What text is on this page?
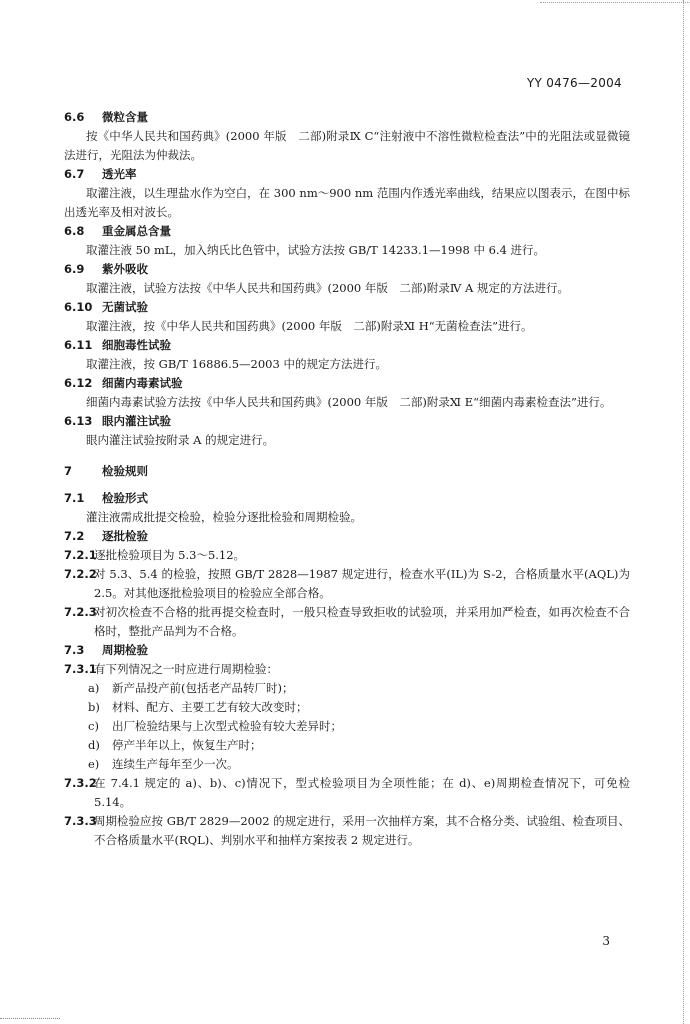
YY 0476—2004
6.6 微粒含量
按《中华人民共和国药典》(2000 年版　二部)附录Ⅸ C“注射液中不溶性微粒检查法”中的光阻法或显微镜法进行，光阻法为仲裁法。
6.7 透光率
取灌注液，以生理盐水作为空白，在 300 nm～900 nm 范围内作透光率曲线，结果应以图表示，在图中标出透光率及相对波长。
6.8 重金属总含量
取灌注液 50 mL，加入纳氏比色管中，试验方法按 GB/T 14233.1—1998 中 6.4 进行。
6.9 紫外吸收
取灌注液，试验方法按《中华人民共和国药典》(2000 年版　二部)附录Ⅳ A 规定的方法进行。
6.10 无菌试验
取灌注液，按《中华人民共和国药典》(2000 年版　二部)附录Ⅺ H“无菌检查法”进行。
6.11 细胞毒性试验
取灌注液，按 GB/T 16886.5—2003 中的规定方法进行。
6.12 细菌内毒素试验
细菌内毒素试验方法按《中华人民共和国药典》(2000 年版　二部)附录Ⅺ E“细菌内毒素检查法”进行。
6.13 眼内灌注试验
眼内灌注试验按附录 A 的规定进行。
7	检验规则
7.1 检验形式
灌注液需成批提交检验，检验分逐批检验和周期检验。
7.2 逐批检验
7.2.1
逐批检验项目为 5.3～5.12。
7.2.2
对 5.3、5.4 的检验，按照 GB/T 2828—1987 规定进行，检查水平(IL)为 S-2，合格质量水平(AQL)为 2.5。对其他逐批检验项目的检验应全部合格。
7.2.3
对初次检查不合格的批再提交检查时，一般只检查导致拒收的试验项，并采用加严检查，如再次检查不合格时，整批产品判为不合格。
7.3 周期检验
7.3.1
有下列情况之一时应进行周期检验：
a) 新产品投产前(包括老产品转厂时)；
b) 材料、配方、主要工艺有较大改变时；
c) 出厂检验结果与上次型式检验有较大差异时；
d) 停产半年以上，恢复生产时；
e) 连续生产每年至少一次。
7.3.2
在 7.4.1 规定的 a)、b)、c)情况下，型式检验项目为全项性能；在 d)、e)周期检查情况下，可免检 5.14。
7.3.3
周期检验应按 GB/T 2829—2002 的规定进行，采用一次抽样方案，其不合格分类、试验组、检查项目、不合格质量水平(RQL)、判别水平和抽样方案按表 2 规定进行。
3
